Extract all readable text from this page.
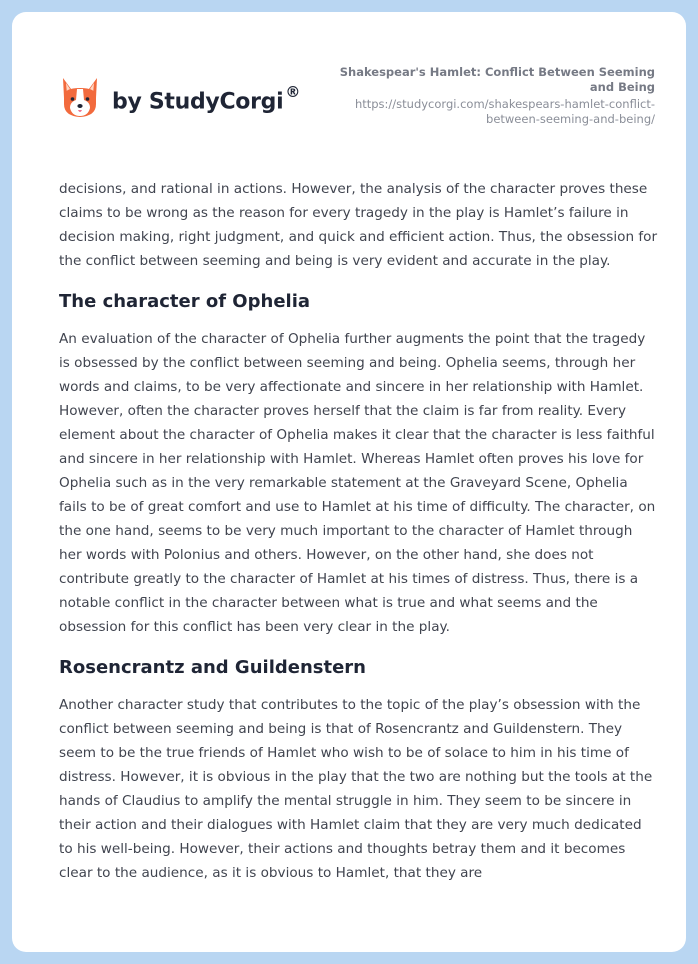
by StudyCorgi ®
Shakespear's Hamlet: Conflict Between Seeming and Being
https://studycorgi.com/shakespears-hamlet-conflict-between-seeming-and-being/

decisions, and rational in actions. However, the analysis of the character proves these claims to be wrong as the reason for every tragedy in the play is Hamlet’s failure in decision making, right judgment, and quick and efficient action. Thus, the obsession for the conflict between seeming and being is very evident and accurate in the play.

The character of Ophelia

An evaluation of the character of Ophelia further augments the point that the tragedy is obsessed by the conflict between seeming and being. Ophelia seems, through her words and claims, to be very affectionate and sincere in her relationship with Hamlet. However, often the character proves herself that the claim is far from reality. Every element about the character of Ophelia makes it clear that the character is less faithful and sincere in her relationship with Hamlet. Whereas Hamlet often proves his love for Ophelia such as in the very remarkable statement at the Graveyard Scene, Ophelia fails to be of great comfort and use to Hamlet at his time of difficulty. The character, on the one hand, seems to be very much important to the character of Hamlet through her words with Polonius and others. However, on the other hand, she does not contribute greatly to the character of Hamlet at his times of distress. Thus, there is a notable conflict in the character between what is true and what seems and the obsession for this conflict has been very clear in the play.

Rosencrantz and Guildenstern

Another character study that contributes to the topic of the play’s obsession with the conflict between seeming and being is that of Rosencrantz and Guildenstern. They seem to be the true friends of Hamlet who wish to be of solace to him in his time of distress. However, it is obvious in the play that the two are nothing but the tools at the hands of Claudius to amplify the mental struggle in him. They seem to be sincere in their action and their dialogues with Hamlet claim that they are very much dedicated to his well-being. However, their actions and thoughts betray them and it becomes clear to the audience, as it is obvious to Hamlet, that they are
